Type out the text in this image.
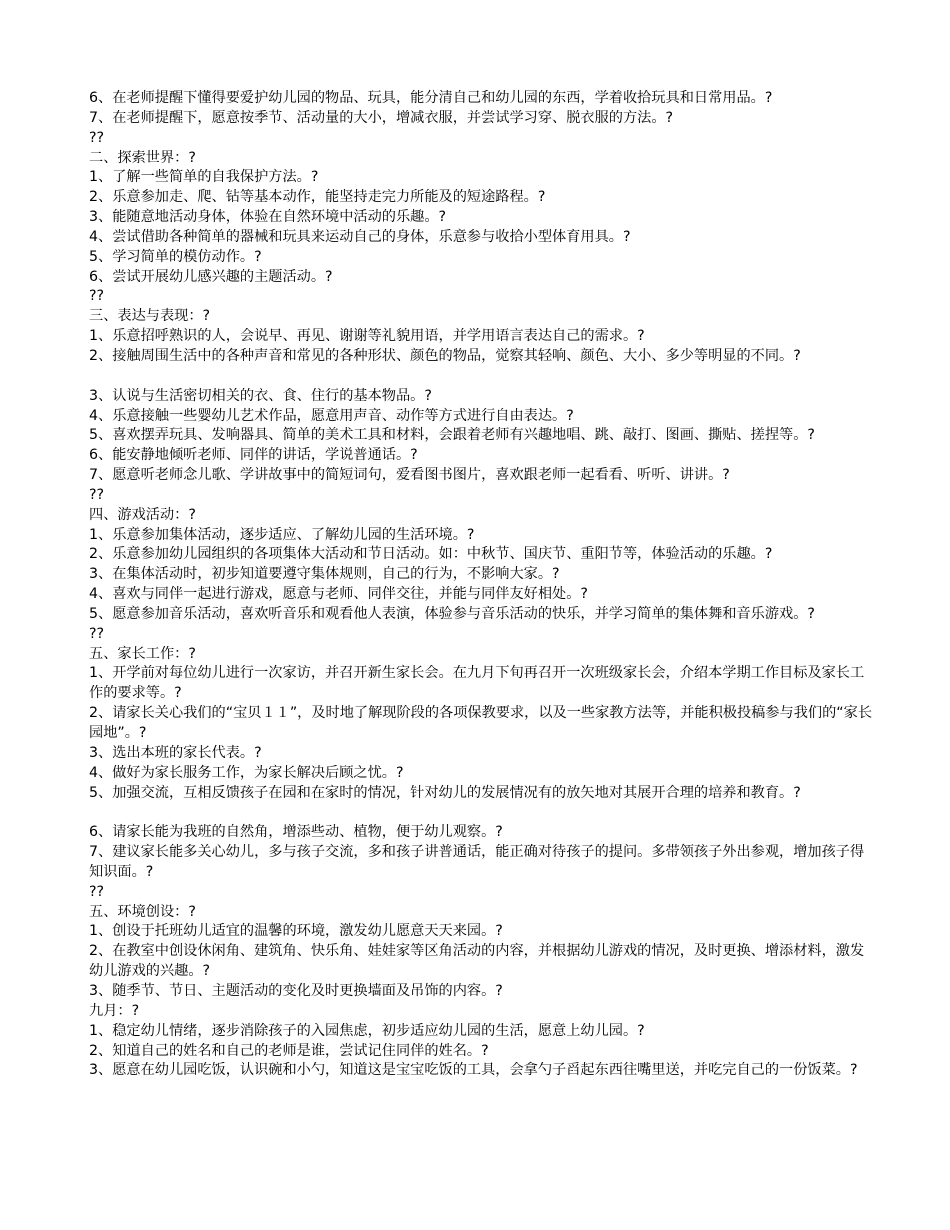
6、在老师提醒下懂得要爱护幼儿园的物品、玩具，能分清自己和幼儿园的东西，学着收拾玩具和日常用品。?

7、在老师提醒下，愿意按季节、活动量的大小，增减衣服，并尝试学习穿、脱衣服的方法。?

??

二、探索世界：?

1、了解一些简单的自我保护方法。?

2、乐意参加走、爬、钻等基本动作，能坚持走完力所能及的短途路程。?

3、能随意地活动身体，体验在自然环境中活动的乐趣。?

4、尝试借助各种简单的器械和玩具来运动自己的身体，乐意参与收拾小型体育用具。?

5、学习简单的模仿动作。?

6、尝试开展幼儿感兴趣的主题活动。?

??

三、表达与表现：?

1、乐意招呼熟识的人，会说早、再见、谢谢等礼貌用语，并学用语言表达自己的需求。?

2、接触周围生活中的各种声音和常见的各种形状、颜色的物品，觉察其轻响、颜色、大小、多少等明显的不同。?

3、认说与生活密切相关的衣、食、住行的基本物品。?

4、乐意接触一些婴幼儿艺术作品，愿意用声音、动作等方式进行自由表达。?

5、喜欢摆弄玩具、发响器具、简单的美术工具和材料，会跟着老师有兴趣地唱、跳、敲打、图画、撕贴、搓捏等。?

6、能安静地倾听老师、同伴的讲话，学说普通话。?

7、愿意听老师念儿歌、学讲故事中的简短词句，爱看图书图片，喜欢跟老师一起看看、听听、讲讲。?

??

四、游戏活动：?

1、乐意参加集体活动，逐步适应、了解幼儿园的生活环境。?

2、乐意参加幼儿园组织的各项集体大活动和节日活动。如：中秋节、国庆节、重阳节等，体验活动的乐趣。?

3、在集体活动时，初步知道要遵守集体规则，自己的行为，不影响大家。?

4、喜欢与同伴一起进行游戏，愿意与老师、同伴交往，并能与同伴友好相处。?

5、愿意参加音乐活动，喜欢听音乐和观看他人表演，体验参与音乐活动的快乐，并学习简单的集体舞和音乐游戏。?

??

五、家长工作：?

1、开学前对每位幼儿进行一次家访，并召开新生家长会。在九月下旬再召开一次班级家长会，介绍本学期工作目标及家长工作的要求等。?

2、请家长关心我们的“宝贝１１”，及时地了解现阶段的各项保教要求，以及一些家教方法等，并能积极投稿参与我们的“家长园地”。?

3、选出本班的家长代表。?

4、做好为家长服务工作，为家长解决后顾之忧。?

5、加强交流，互相反馈孩子在园和在家时的情况，针对幼儿的发展情况有的放矢地对其展开合理的培养和教育。?

6、请家长能为我班的自然角，增添些动、植物，便于幼儿观察。?

7、建议家长能多关心幼儿，多与孩子交流，多和孩子讲普通话，能正确对待孩子的提问。多带领孩子外出参观，增加孩子得知识面。?

??

五、环境创设：?

1、创设于托班幼儿适宜的温馨的环境，激发幼儿愿意天天来园。?

2、在教室中创设休闲角、建筑角、快乐角、娃娃家等区角活动的内容，并根据幼儿游戏的情况，及时更换、增添材料，激发幼儿游戏的兴趣。?

3、随季节、节日、主题活动的变化及时更换墙面及吊饰的内容。?

九月：?

1、稳定幼儿情绪，逐步消除孩子的入园焦虑，初步适应幼儿园的生活，愿意上幼儿园。?

2、知道自己的姓名和自己的老师是谁，尝试记住同伴的姓名。?

3、愿意在幼儿园吃饭，认识碗和小勺，知道这是宝宝吃饭的工具，会拿勺子舀起东西往嘴里送，并吃完自己的一份饭菜。?
